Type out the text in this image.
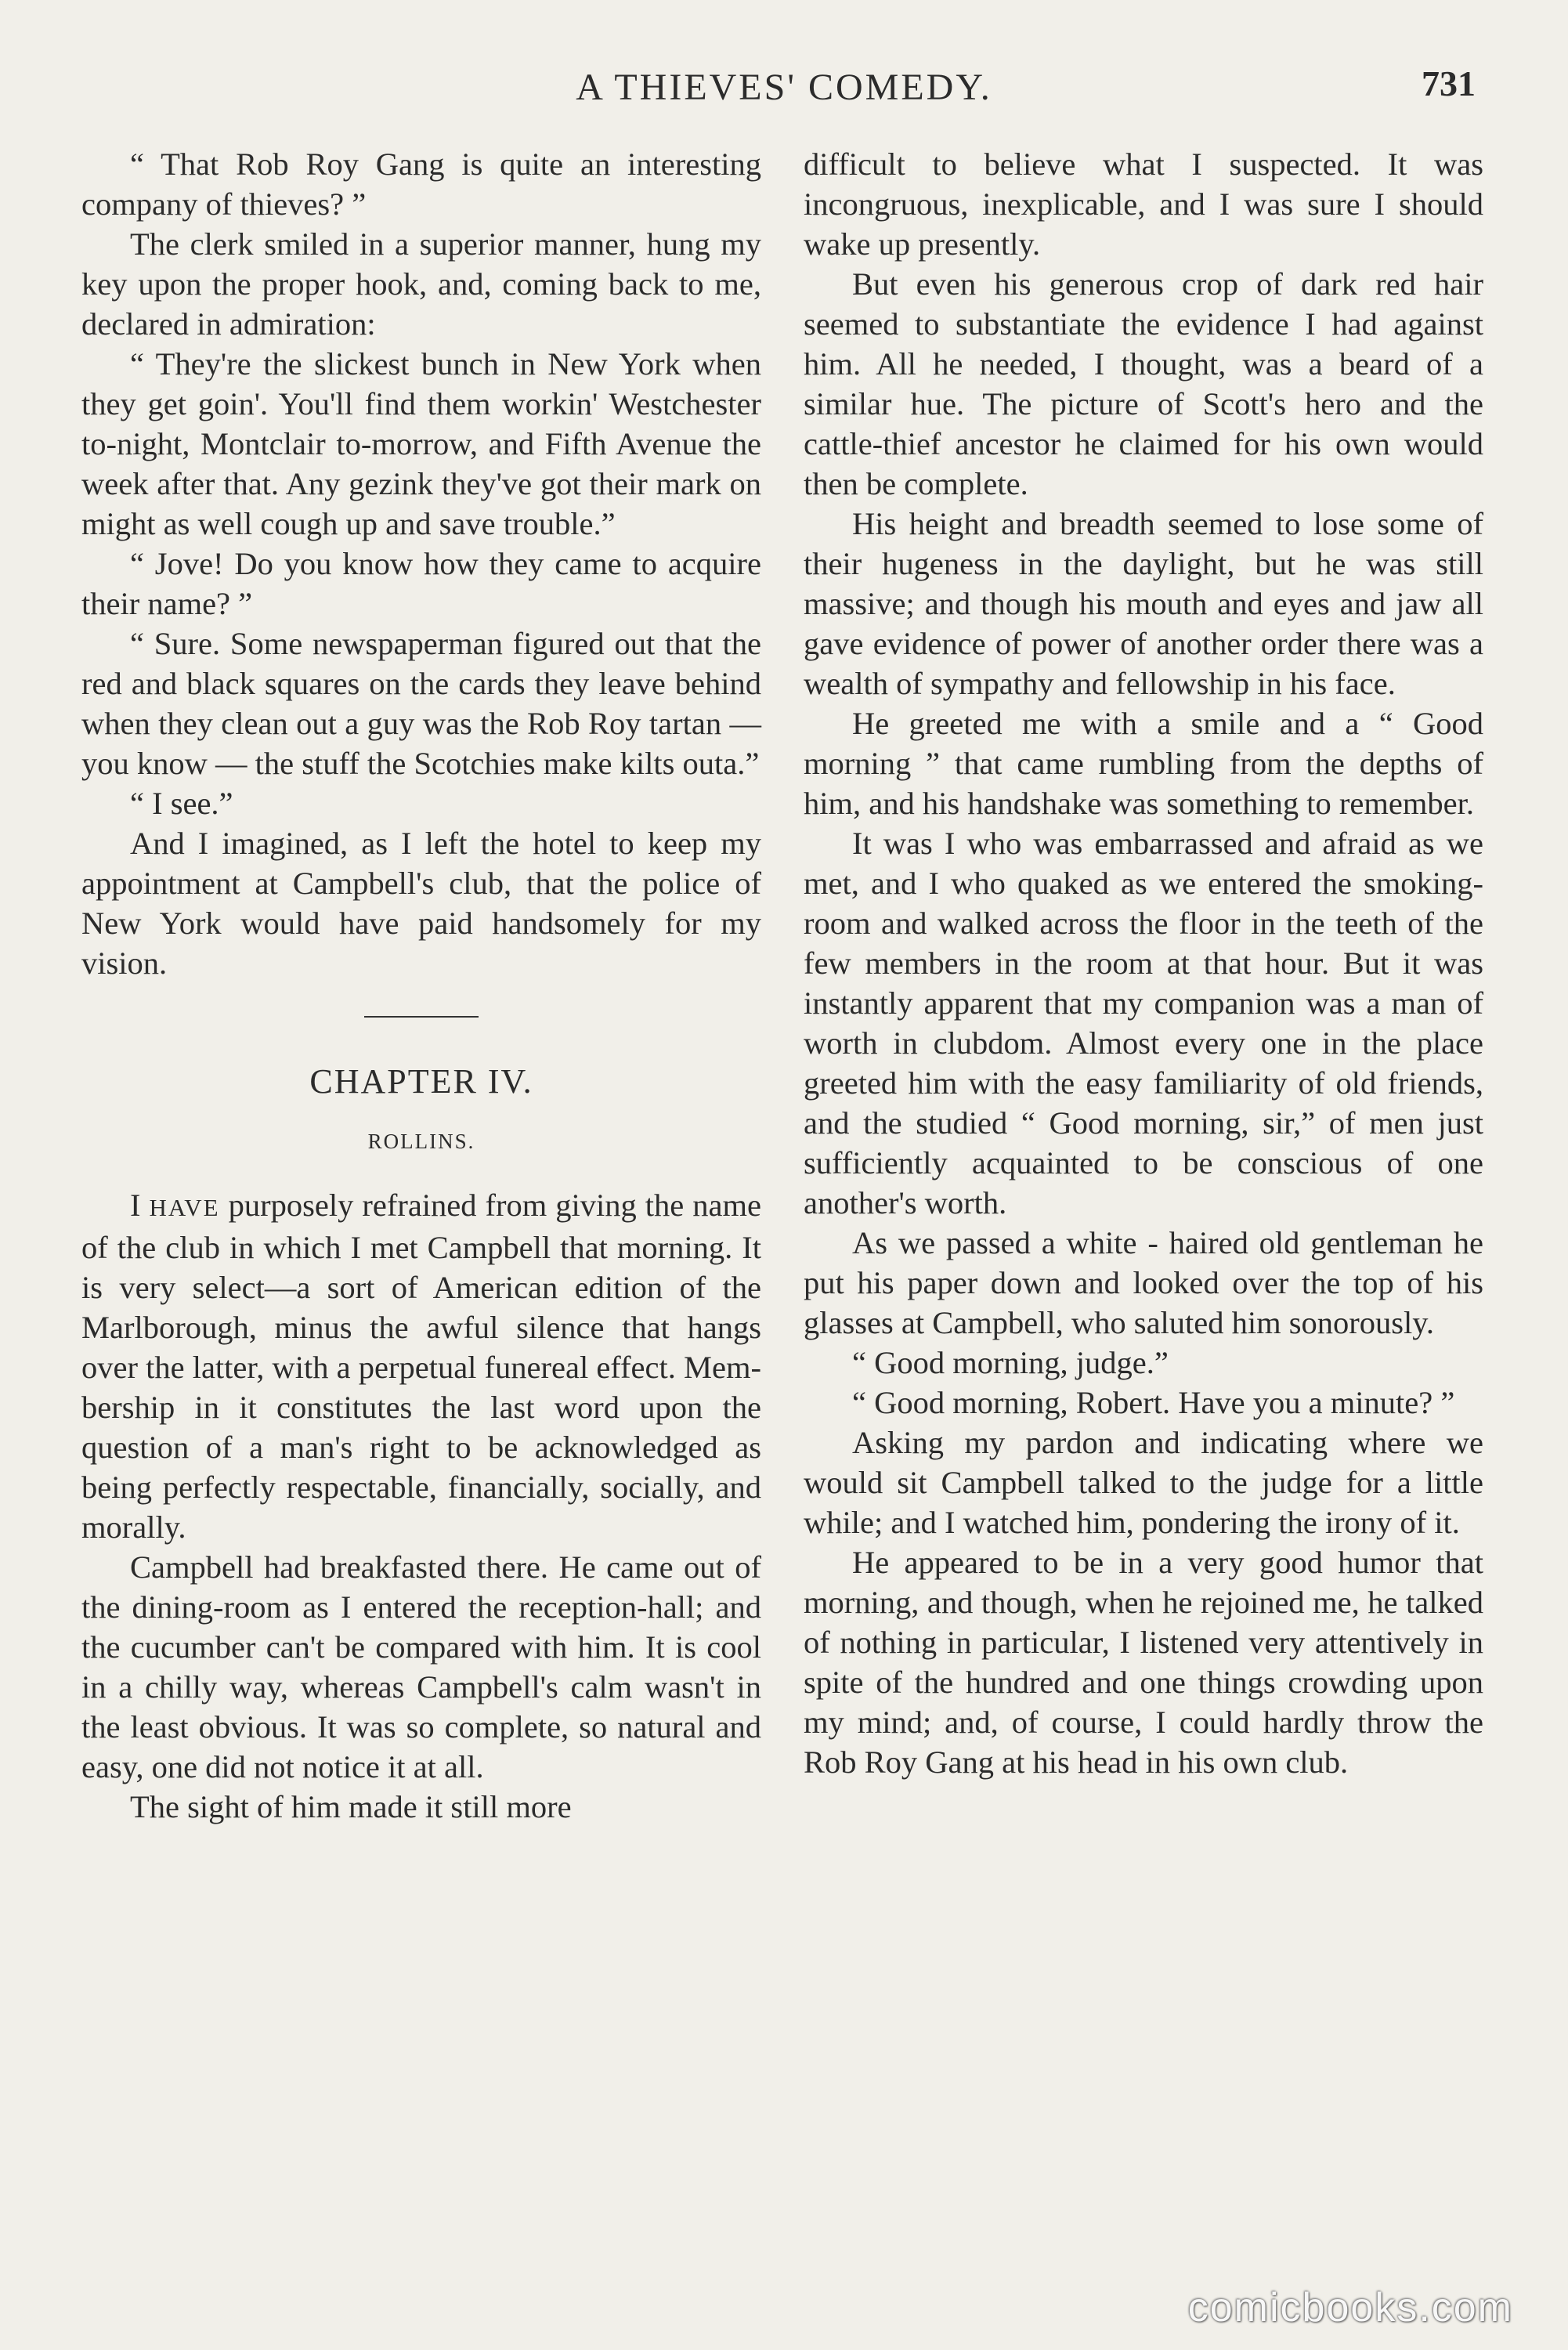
A THIEVES' COMEDY.	731

“ That Rob Roy Gang is quite an interesting company of thieves? ”

The clerk smiled in a superior manner, hung my key upon the proper hook, and, coming back to me, declared in admiration:

“ They're the slickest bunch in New York when they get goin'. You'll find them workin' Westchester to-night, Montclair to-morrow, and Fifth Avenue the week after that. Any gezink they've got their mark on might as well cough up and save trouble.”

“ Jove! Do you know how they came to acquire their name? ”

“ Sure. Some newspaperman figured out that the red and black squares on the cards they leave behind when they clean out a guy was the Rob Roy tartan — you know — the stuff the Scotchies make kilts outa.”

“ I see.”

And I imagined, as I left the hotel to keep my appointment at Campbell's club, that the police of New York would have paid handsomely for my vision.

CHAPTER IV.
ROLLINS.

I HAVE purposely refrained from giving the name of the club in which I met Campbell that morning. It is very select—a sort of American edition of the Marlborough, minus the awful silence that hangs over the latter, with a perpetual funereal effect. Membership in it constitutes the last word upon the question of a man's right to be acknowledged as being perfectly respectable, financially, socially, and morally.

Campbell had breakfasted there. He came out of the dining-room as I entered the reception-hall; and the cucumber can't be compared with him. It is cool in a chilly way, whereas Campbell's calm wasn't in the least obvious. It was so complete, so natural and easy, one did not notice it at all.

The sight of him made it still more

difficult to believe what I suspected. It was incongruous, inexplicable, and I was sure I should wake up presently.

But even his generous crop of dark red hair seemed to substantiate the evidence I had against him. All he needed, I thought, was a beard of a similar hue. The picture of Scott's hero and the cattle-thief ancestor he claimed for his own would then be complete.

His height and breadth seemed to lose some of their hugeness in the daylight, but he was still massive; and though his mouth and eyes and jaw all gave evidence of power of another order there was a wealth of sympathy and fellowship in his face.

He greeted me with a smile and a “ Good morning ” that came rumbling from the depths of him, and his handshake was something to remember.

It was I who was embarrassed and afraid as we met, and I who quaked as we entered the smoking-room and walked across the floor in the teeth of the few members in the room at that hour. But it was instantly apparent that my companion was a man of worth in clubdom. Almost every one in the place greeted him with the easy familiarity of old friends, and the studied “ Good morning, sir,” of men just sufficiently acquainted to be conscious of one another's worth.

As we passed a white - haired old gentleman he put his paper down and looked over the top of his glasses at Campbell, who saluted him sonorously.

“ Good morning, judge.”

“ Good morning, Robert. Have you a minute? ”

Asking my pardon and indicating where we would sit Campbell talked to the judge for a little while; and I watched him, pondering the irony of it.

He appeared to be in a very good humor that morning, and though, when he rejoined me, he talked of nothing in particular, I listened very attentively in spite of the hundred and one things crowding upon my mind; and, of course, I could hardly throw the Rob Roy Gang at his head in his own club.

comicbooks.com
